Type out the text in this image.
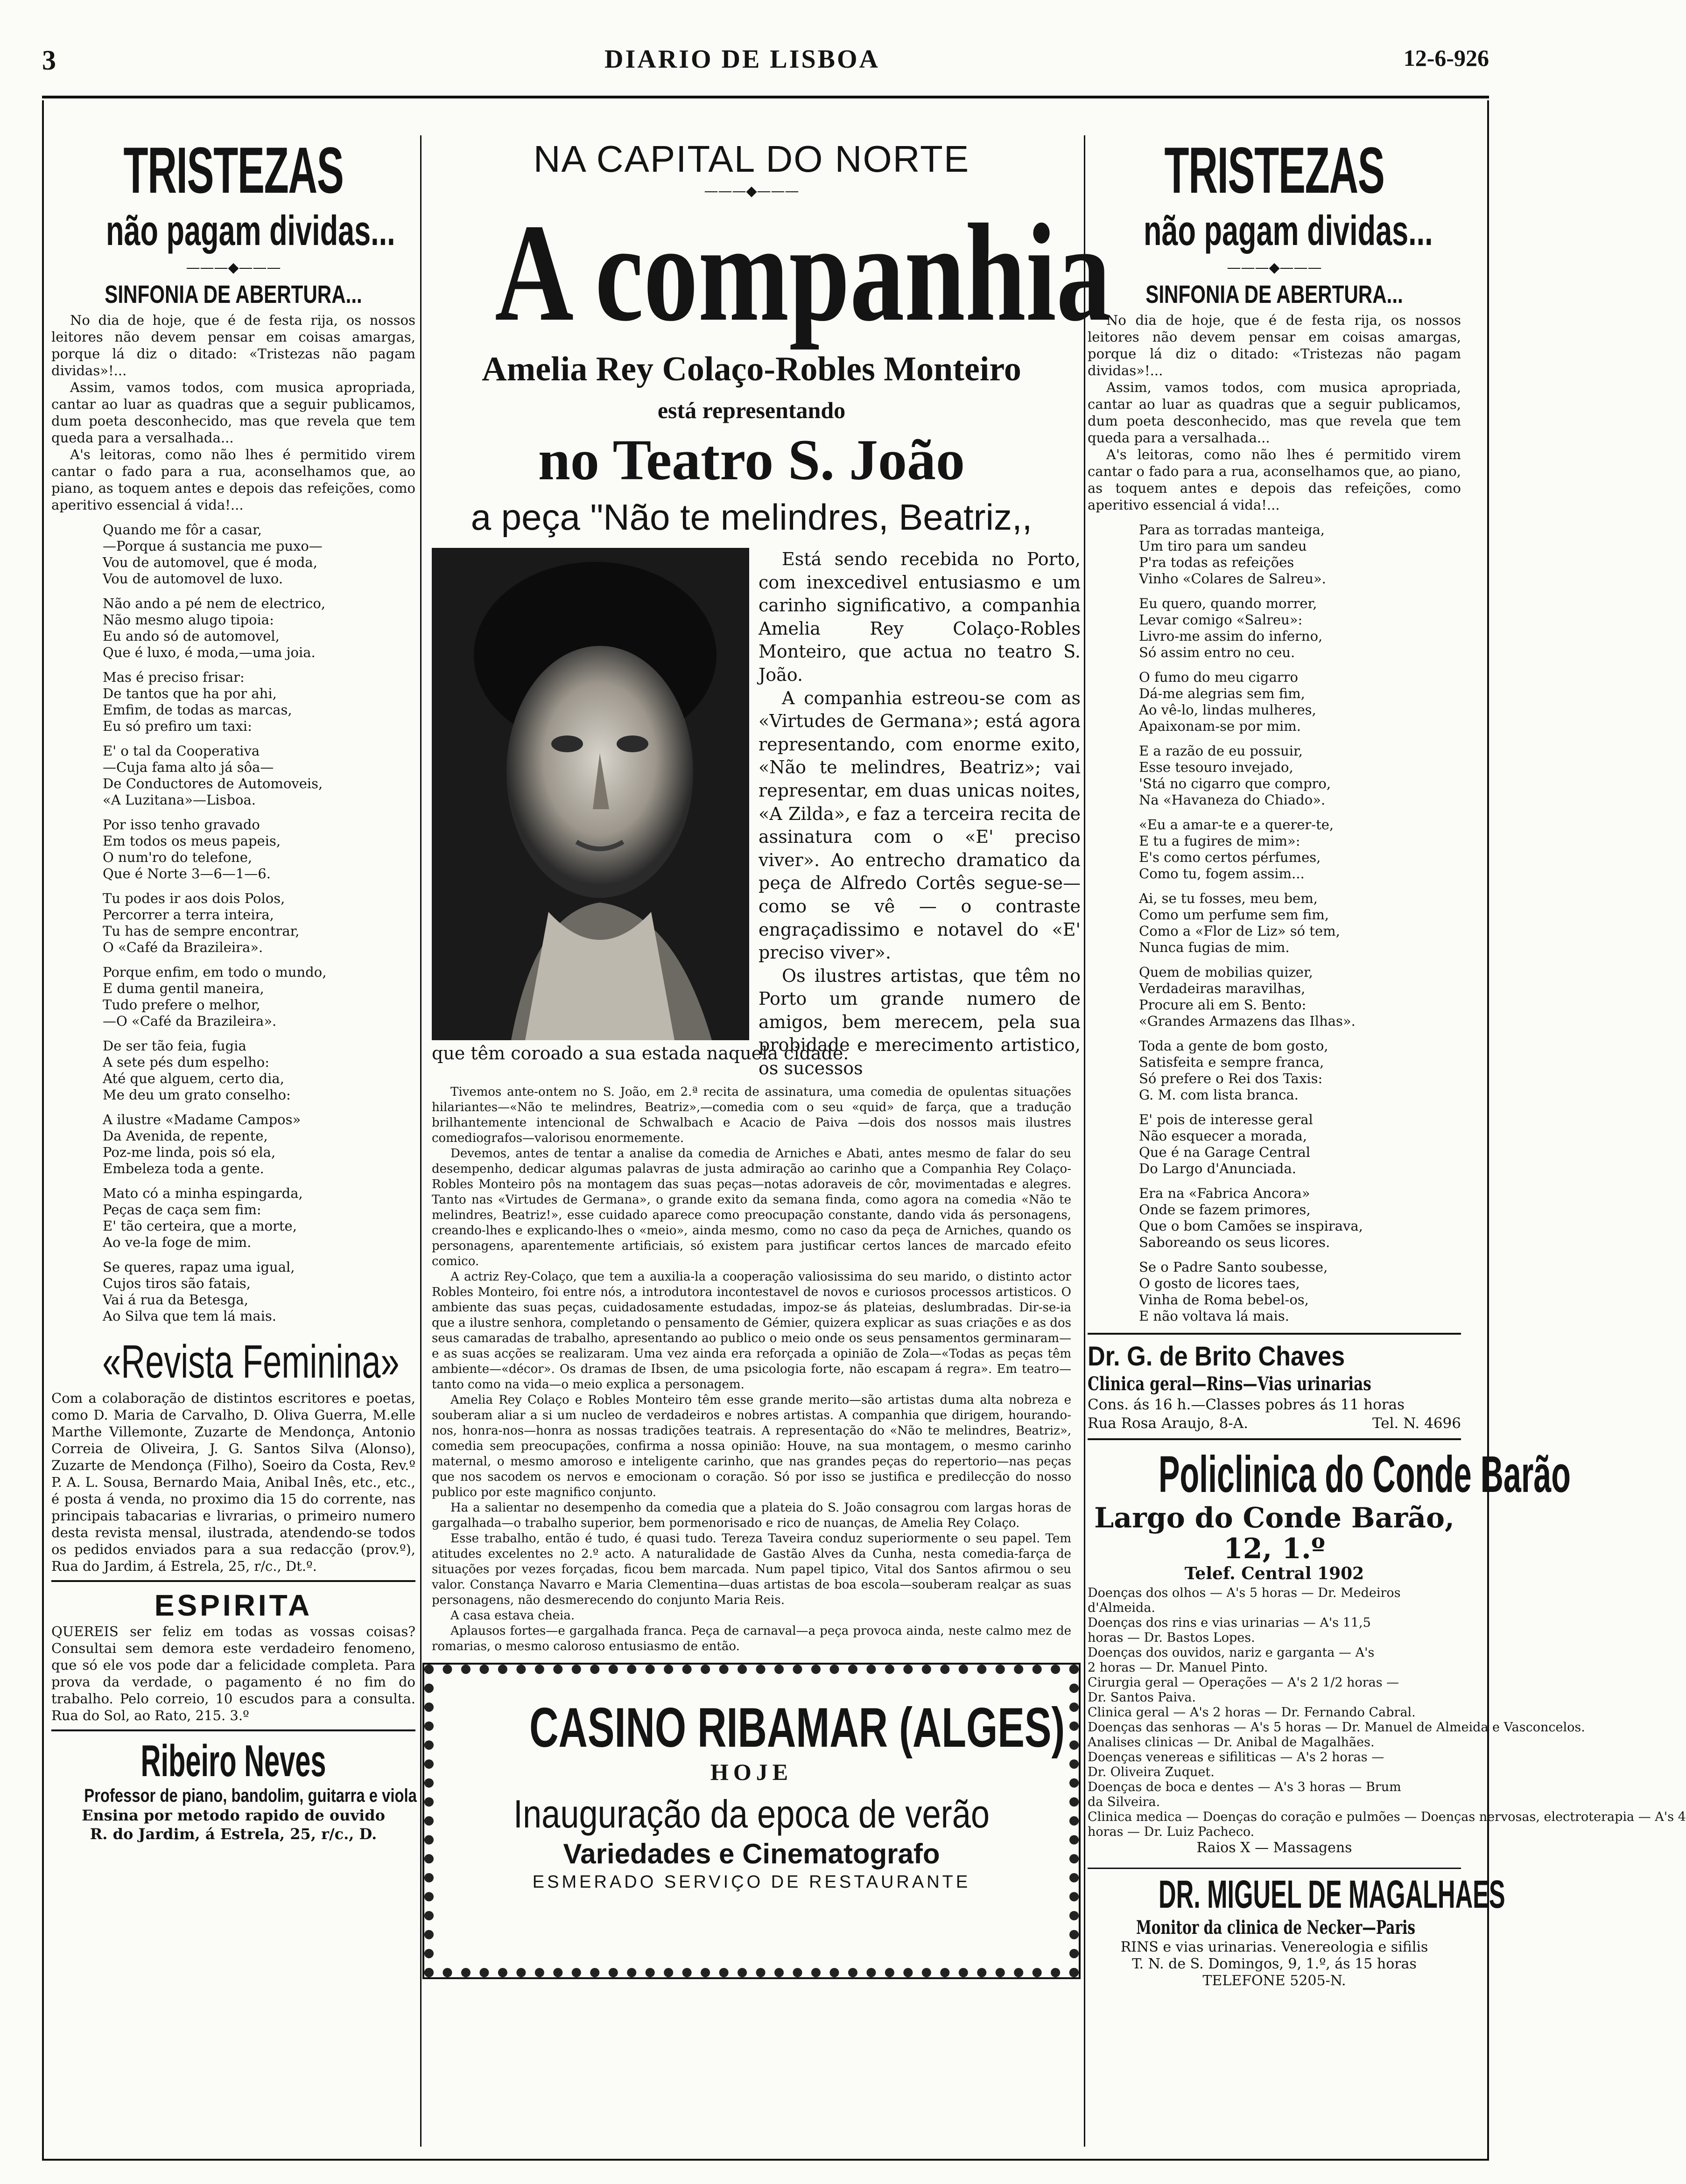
3	DIARIO DE LISBOA	12-6-926
TRISTEZAS
não pagam dividas...
———◆———
SINFONIA DE ABERTURA...

No dia de hoje, que é de festa rija, os nossos leitores não devem pensar em coisas amargas, porque lá diz o ditado: «Tristezas não pagam dividas»!...

Assim, vamos todos, com musica apropriada, cantar ao luar as quadras que a seguir publicamos, dum poeta desconhecido, mas que revela que tem queda para a versalhada...

A's leitoras, como não lhes é permitido virem cantar o fado para a rua, aconselhamos que, ao piano, as toquem antes e depois das refeições, como aperitivo essencial á vida!...

Quando me fôr a casar,
—Porque á sustancia me puxo—
Vou de automovel, que é moda,
Vou de automovel de luxo.
Não ando a pé nem de electrico,
Não mesmo alugo tipoia:
Eu ando só de automovel,
Que é luxo, é moda,—uma joia.
Mas é preciso frisar:
De tantos que ha por ahi,
Emfim, de todas as marcas,
Eu só prefiro um taxi:
E' o tal da Cooperativa
—Cuja fama alto já sôa—
De Conductores de Automoveis,
«A Luzitana»—Lisboa.
Por isso tenho gravado
Em todos os meus papeis,
O num'ro do telefone,
Que é Norte 3—6—1—6.
Tu podes ir aos dois Polos,
Percorrer a terra inteira,
Tu has de sempre encontrar,
O «Café da Brazileira».
Porque enfim, em todo o mundo,
E duma gentil maneira,
Tudo prefere o melhor,
—O «Café da Brazileira».
De ser tão feia, fugia
A sete pés dum espelho:
Até que alguem, certo dia,
Me deu um grato conselho:
A ilustre «Madame Campos»
Da Avenida, de repente,
Poz-me linda, pois só ela,
Embeleza toda a gente.
Mato có a minha espingarda,
Peças de caça sem fim:
E' tão certeira, que a morte,
Ao ve-la foge de mim.
Se queres, rapaz uma igual,
Cujos tiros são fatais,
Vai á rua da Betesga,
Ao Silva que tem lá mais.
«Revista Feminina»
Com a colaboração de distintos escritores e poetas, como D. Maria de Carvalho, D. Oliva Guerra, M.elle Marthe Villemonte, Zuzarte de Mendonça, Antonio Correia de Oliveira, J. G. Santos Silva (Alonso), Zuzarte de Mendonça (Filho), Soeiro da Costa, Rev.º P. A. L. Sousa, Bernardo Maia, Anibal Inês, etc., etc., é posta á venda, no proximo dia 15 do corrente, nas principais tabacarias e livrarias, o primeiro numero desta revista mensal, ilustrada, atendendo-se todos os pedidos enviados para a sua redacção (prov.º), Rua do Jardim, á Estrela, 25, r/c., Dt.º.
ESPIRITA
QUEREIS ser feliz em todas as vossas coisas? Consultai sem demora este verdadeiro fenomeno, que só ele vos pode dar a felicidade completa. Para prova da verdade, o pagamento é no fim do trabalho. Pelo correio, 10 escudos para a consulta. Rua do Sol, ao Rato, 215. 3.º
Ribeiro Neves
Professor de piano, bandolim, guitarra e viola
Ensina por metodo rapido de ouvido
R. do Jardim, á Estrela, 25, r/c., D.
NA CAPITAL DO NORTE
———◆———
A companhia
Amelia Rey Colaço-Robles Monteiro
está representando
no Teatro S. João
a peça "Não te melindres, Beatriz,,

Está sendo recebida no Porto, com inexcedivel entusiasmo e um carinho significativo, a companhia Amelia Rey Colaço-Robles Monteiro, que actua no teatro S. João.

A companhia estreou-se com as «Virtudes de Germana»; está agora representando, com enorme exito, «Não te melindres, Beatriz»; vai representar, em duas unicas noites, «A Zilda», e faz a terceira recita de assinatura com o «E' preciso viver». Ao entrecho dramatico da peça de Alfredo Cortês segue-se—como se vê — o contraste engraçadissimo e notavel do «E' preciso viver».

Os ilustres artistas, que têm no Porto um grande numero de amigos, bem merecem, pela sua probidade e merecimento artistico, os sucessos

que têm coroado a sua estada naquela cidade.

Tivemos ante-ontem no S. João, em 2.ª recita de assinatura, uma comedia de opulentas situações hilariantes—«Não te melindres, Beatriz»,—comedia com o seu «quid» de farça, que a tradução brilhantemente intencional de Schwalbach e Acacio de Paiva —dois dos nossos mais ilustres comediografos—valorisou enormemente.

Devemos, antes de tentar a analise da comedia de Arniches e Abati, antes mesmo de falar do seu desempenho, dedicar algumas palavras de justa admiração ao carinho que a Companhia Rey Colaço-Robles Monteiro pôs na montagem das suas peças—notas adoraveis de côr, movimentadas e alegres. Tanto nas «Virtudes de Germana», o grande exito da semana finda, como agora na comedia «Não te melindres, Beatriz!», esse cuidado aparece como preocupação constante, dando vida ás personagens, creando-lhes e explicando-lhes o «meio», ainda mesmo, como no caso da peça de Arniches, quando os personagens, aparentemente artificiais, só existem para justificar certos lances de marcado efeito comico.

A actriz Rey-Colaço, que tem a auxilia-la a cooperação valiosissima do seu marido, o distinto actor Robles Monteiro, foi entre nós, a introdutora incontestavel de novos e curiosos processos artisticos. O ambiente das suas peças, cuidadosamente estudadas, impoz-se ás plateias, deslumbradas. Dir-se-ia que a ilustre senhora, completando o pensamento de Gémier, quizera explicar as suas criações e as dos seus camaradas de trabalho, apresentando ao publico o meio onde os seus pensamentos germinaram—e as suas acções se realizaram. Uma vez ainda era reforçada a opinião de Zola—«Todas as peças têm ambiente—«décor». Os dramas de Ibsen, de uma psicologia forte, não escapam á regra». Em teatro—tanto como na vida—o meio explica a personagem.

Amelia Rey Colaço e Robles Monteiro têm esse grande merito—são artistas duma alta nobreza e souberam aliar a si um nucleo de verdadeiros e nobres artistas. A companhia que dirigem, hourando-nos, honra-nos—honra as nossas tradições teatrais. A representação do «Não te melindres, Beatriz», comedia sem preocupações, confirma a nossa opinião: Houve, na sua montagem, o mesmo carinho maternal, o mesmo amoroso e inteligente carinho, que nas grandes peças do repertorio—nas peças que nos sacodem os nervos e emocionam o coração. Só por isso se justifica e predilecção do nosso publico por este magnifico conjunto.

Ha a salientar no desempenho da comedia que a plateia do S. João consagrou com largas horas de gargalhada—o trabalho superior, bem pormenorisado e rico de nuanças, de Amelia Rey Colaço.

Esse trabalho, então é tudo, é quasi tudo. Tereza Taveira conduz superiormente o seu papel. Tem atitudes excelentes no 2.º acto. A naturalidade de Gastão Alves da Cunha, nesta comedia-farça de situações por vezes forçadas, ficou bem marcada. Num papel tipico, Vital dos Santos afirmou o seu valor. Constança Navarro e Maria Clementina—duas artistas de boa escola—souberam realçar as suas personagens, não desmerecendo do conjunto Maria Reis.

A casa estava cheia.

Aplausos fortes—e gargalhada franca. Peça de carnaval—a peça provoca ainda, neste calmo mez de romarias, o mesmo caloroso entusiasmo de então.

CASINO RIBAMAR (ALGES)
HOJE
Inauguração da epoca de verão
Variedades e Cinematografo
ESMERADO SERVIÇO DE RESTAURANTE
TRISTEZAS
não pagam dividas...
———◆———
SINFONIA DE ABERTURA...

No dia de hoje, que é de festa rija, os nossos leitores não devem pensar em coisas amargas, porque lá diz o ditado: «Tristezas não pagam dividas»!...

Assim, vamos todos, com musica apropriada, cantar ao luar as quadras que a seguir publicamos, dum poeta desconhecido, mas que revela que tem queda para a versalhada...

A's leitoras, como não lhes é permitido virem cantar o fado para a rua, aconselhamos que, ao piano, as toquem antes e depois das refeições, como aperitivo essencial á vida!...

Para as torradas manteiga,
Um tiro para um sandeu
P'ra todas as refeições
Vinho «Colares de Salreu».
Eu quero, quando morrer,
Levar comigo «Salreu»:
Livro-me assim do inferno,
Só assim entro no ceu.
O fumo do meu cigarro
Dá-me alegrias sem fim,
Ao vê-lo, lindas mulheres,
Apaixonam-se por mim.
E a razão de eu possuir,
Esse tesouro invejado,
'Stá no cigarro que compro,
Na «Havaneza do Chiado».
«Eu a amar-te e a querer-te,
E tu a fugires de mim»:
E's como certos pérfumes,
Como tu, fogem assim...
Ai, se tu fosses, meu bem,
Como um perfume sem fim,
Como a «Flor de Liz» só tem,
Nunca fugias de mim.
Quem de mobilias quizer,
Verdadeiras maravilhas,
Procure ali em S. Bento:
«Grandes Armazens das Ilhas».
Toda a gente de bom gosto,
Satisfeita e sempre franca,
Só prefere o Rei dos Taxis:
G. M. com lista branca.
E' pois de interesse geral
Não esquecer a morada,
Que é na Garage Central
Do Largo d'Anunciada.
Era na «Fabrica Ancora»
Onde se fazem primores,
Que o bom Camões se inspirava,
Saboreando os seus licores.
Se o Padre Santo soubesse,
O gosto de licores taes,
Vinha de Roma bebel-os,
E não voltava lá mais.
Dr. G. de Brito Chaves
Clinica geral—Rins—Vias urinarias
Cons. ás 16 h.—Classes pobres ás 11 horas
Rua Rosa Araujo, 8-A.	Tel. N. 4696
Policlinica do Conde Barão
Largo do Conde Barão, 12, 1.º
Telef. Central 1902
Doenças dos olhos — A's 5 horas — Dr. Medeiros
d'Almeida.
Doenças dos rins e vias urinarias — A's 11,5
horas — Dr. Bastos Lopes.
Doenças dos ouvidos, nariz e garganta — A's
2 horas — Dr. Manuel Pinto.
Cirurgia geral — Operações — A's 2 1/2 horas —
Dr. Santos Paiva.
Clinica geral — A's 2 horas — Dr. Fernando Cabral.
Doenças das senhoras — A's 5 horas — Dr. Manuel de Almeida e Vasconcelos.
Analises clinicas — Dr. Anibal de Magalhães.
Doenças venereas e sifiliticas — A's 2 horas —
Dr. Oliveira Zuquet.
Doenças de boca e dentes — A's 3 horas — Brum
da Silveira.
Clinica medica — Doenças do coração e pulmões — Doenças nervosas, electroterapia — A's 4
horas — Dr. Luiz Pacheco.
Raios X — Massagens
DR. MIGUEL DE MAGALHAES
Monitor da clinica de Necker—Paris
RINS e vias urinarias. Venereologia e sifilis
T. N. de S. Domingos, 9, 1.º, ás 15 horas
TELEFONE 5205-N.
